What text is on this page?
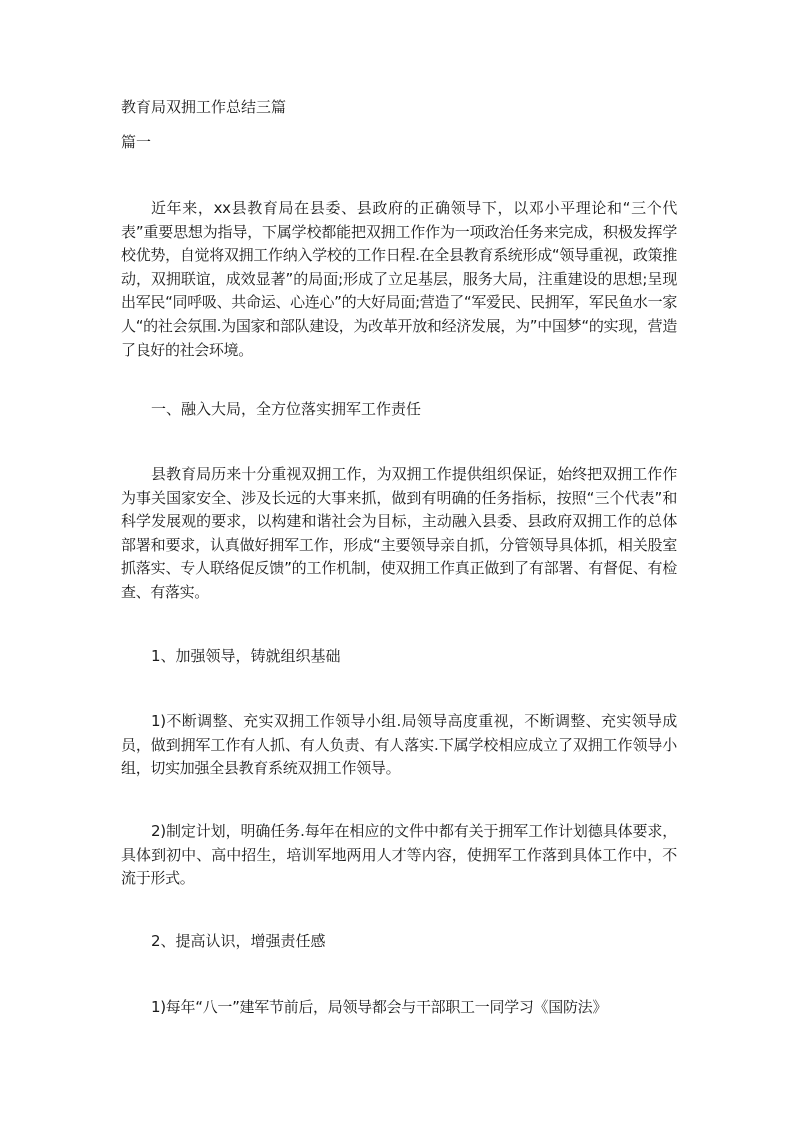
教育局双拥工作总结三篇
篇一

近年来，xx县教育局在县委、县政府的正确领导下，以邓小平理论和“三个代表”重要思想为指导，下属学校都能把双拥工作作为一项政治任务来完成，积极发挥学校优势，自觉将双拥工作纳入学校的工作日程.在全县教育系统形成“领导重视，政策推动，双拥联谊，成效显著”的局面;形成了立足基层，服务大局，注重建设的思想;呈现出军民“同呼吸、共命运、心连心”的大好局面;营造了“军爱民、民拥军，军民鱼水一家人“的社会氛围.为国家和部队建设，为改革开放和经济发展，为”中国梦“的实现，营造了良好的社会环境。

一、融入大局，全方位落实拥军工作责任

县教育局历来十分重视双拥工作，为双拥工作提供组织保证，始终把双拥工作作为事关国家安全、涉及长远的大事来抓，做到有明确的任务指标，按照“三个代表”和科学发展观的要求，以构建和谐社会为目标，主动融入县委、县政府双拥工作的总体部署和要求，认真做好拥军工作，形成“主要领导亲自抓，分管领导具体抓，相关股室抓落实、专人联络促反馈”的工作机制，使双拥工作真正做到了有部署、有督促、有检查、有落实。

1、加强领导，铸就组织基础

1)不断调整、充实双拥工作领导小组.局领导高度重视，不断调整、充实领导成员，做到拥军工作有人抓、有人负责、有人落实.下属学校相应成立了双拥工作领导小组，切实加强全县教育系统双拥工作领导。

2)制定计划，明确任务.每年在相应的文件中都有关于拥军工作计划德具体要求，具体到初中、高中招生，培训军地两用人才等内容，使拥军工作落到具体工作中，不流于形式。

2、提高认识，增强责任感

1)每年“八一”建军节前后，局领导都会与干部职工一同学习《国防法》
